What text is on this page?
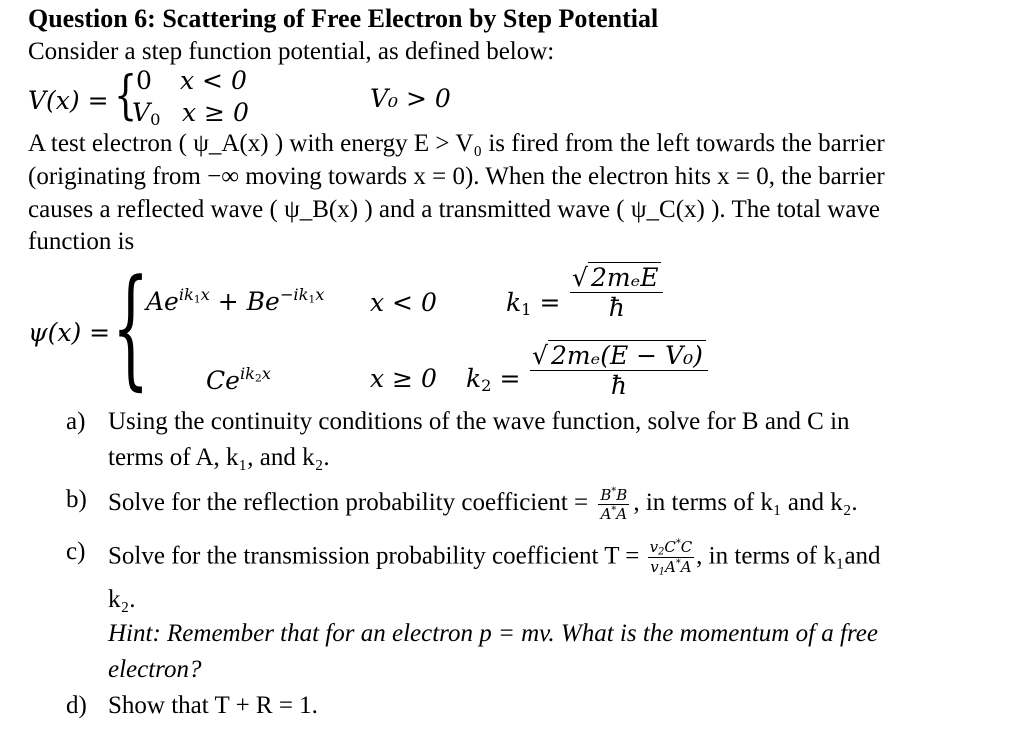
Question 6: Scattering of Free Electron by Step Potential
Consider a step function potential, as defined below:
V(x) = {
0 x < 0
$V_0$ x ≥ 0	V₀ > 0
A test electron ( ψ_A(x) ) with energy E > V₀ is fired from the left towards the barrier
(originating from −∞ moving towards x = 0). When the electron hits x = 0, the barrier
causes a reflected wave ( ψ_B(x) ) and a transmitted wave ( ψ_C(x) ). The total wave
function is
ψ(x) = {
$Ae^{ik_1x} + Be^{-ik_1x}$ x < 0	$k_1$ =
√ 2mₑE
ħ
$Ce^{ik_2x}$	x ≥ 0 $k_2$ =
√ 2mₑ(E − V₀)
ħ
a) Using the continuity conditions of the wave function, solve for B and C in
terms of A, k₁, and k₂.
b) Solve for the reflection probability coefficient = $\frac{B^*B}{A^*A}$ , in terms of k₁ and k₂.
c) Solve for the transmission probability coefficient $T = \frac{v2C^*C}{v1A^*A}$ , in terms of k₁and
k₂.
Hint: Remember that for an electron p = mv. What is the momentum of a free
electron?
d) Show that T + R = 1.
